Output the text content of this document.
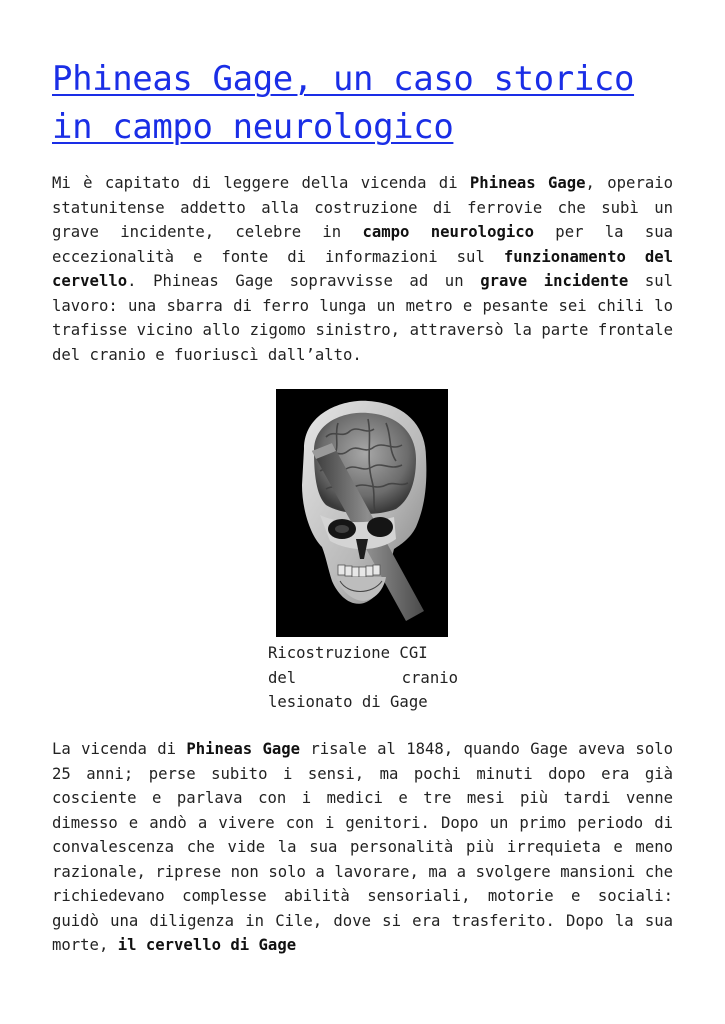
Phineas Gage, un caso storico in campo neurologico

Mi è capitato di leggere della vicenda di Phineas Gage, operaio statunitense addetto alla costruzione di ferrovie che subì un grave incidente, celebre in campo neurologico per la sua eccezionalità e fonte di informazioni sul funzionamento del cervello. Phineas Gage sopravvisse ad un grave incidente sul lavoro: una sbarra di ferro lunga un metro e pesante sei chili lo trafisse vicino allo zigomo sinistro, attraversò la parte frontale del cranio e fuoriuscì dall’alto.

Ricostruzione CGI
del	cranio
lesionato di Gage

La vicenda di Phineas Gage risale al 1848, quando Gage aveva solo 25 anni; perse subito i sensi, ma pochi minuti dopo era già cosciente e parlava con i medici e tre mesi più tardi venne dimesso e andò a vivere con i genitori. Dopo un primo periodo di convalescenza che vide la sua personalità più irrequieta e meno razionale, riprese non solo a lavorare, ma a svolgere mansioni che richiedevano complesse abilità sensoriali, motorie e sociali: guidò una diligenza in Cile, dove si era trasferito. Dopo la sua morte, il cervello di Gage
